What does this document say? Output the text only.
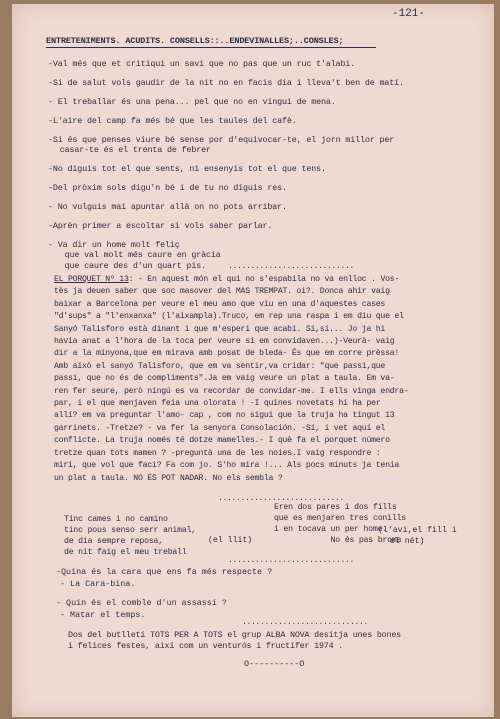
-121-
ENTRETENIMENTS. ACUDITS. CONSELLS::..ENDEVINALLES;..CONSLES;
-Val més que et critiqui un savi que no pas que un ruc t'alabi.
-Si de salut vols gaudir de la nit no en facis dia i lleva't ben de matí.
- El treballar és una pena... pel que no en vingui de mena.
-L'aire del camp fa més bé que les taules del cafè.
-Si és que penses viure bé sense por d'equivocar-te, el jorn millor per
casar-te és el trenta de febrer
-No diguis tot el que sents, ni ensenyis tot el que tens.
-Del pròxim sols digu'n bé i de tu no diguis res.
- No vulguis mai apuntar allà on no pots arribar.
-Aprèn primer a escoltar si vols saber parlar.
- Va dir un home molt feliç
que val molt més caure en gràcia
que caure des d'un quart pis.	............................
EL PORQUET Nº 13: - En aquest món el qui no s'espabila no va enlloc . Vos-
tès ja deuen saber que soc masover del MAS TREMPAT. oi?. Donca ahir vaig
baixar a Barcelona per veure el meu amo que viu en una d'aquestes cases
"d'sups" a "l'enxanxa" (l'aixampla).Truco, em rep una raspa i em diu que el
Sanyó Talisforo està dinant i que m'esperi que acabi. Sí,sí... Jo ja hi
havia anat a l'hora de la toca per veure si em convidaven...)-Veurà- vaig
dir a la minyona,que em mirava amb posat de bleda- És que em corre prèssa!
Amb això el sanyó Talisforo, que em va sentir,va cridar: "que passi,que
passi, que no és de compliments".Ja em vaig veure un plat a taula. Em va-
ren fer seure, però ningú es va recordar de convidar-me. I ells vinga endra-
par, i el que menjaven feia una olorata ! -I quines novetats hi ha per
allí? em va preguntar l'amo- cap , com no sigui que la truja ha tingut 13
garrinets. -Tretze? - va fer la senyora Consolación. -Sí, i vet aquí el
conflicte. La truja només té dotze mamelles.- I què fa el porquet número
tretze quan tots mamen ? -preguntà una de les noies.I vaig respondre :
miri, que vol que faci? Fa com jo. S'ho mira !... Als pocs minuts ja tenia
un plat a taula. NO ES POT NADAR. No els sembla ?
............................
Tinc cames i no camino
tinc pous senso serr animal,
de dia sempre reposa,
de nit faig el meu treball
(el llit)
Eren dos pares i dos fills
que es menjaren tres conills
i en tocava un per home.
No és pas broma
(l'avi,el fill i
el nét)
............................
-Quina és la cara que ens fa més respecte ?
- La Cara-bina.
- Quin és el comble d'un assassí ?
- Matar el temps.
............................
Dos del butlletí TOTS PER A TOTS el grup ALBA NOVA desitja unes bones
i felices festes, així com un venturós i fructífer 1974 .
O----------O
